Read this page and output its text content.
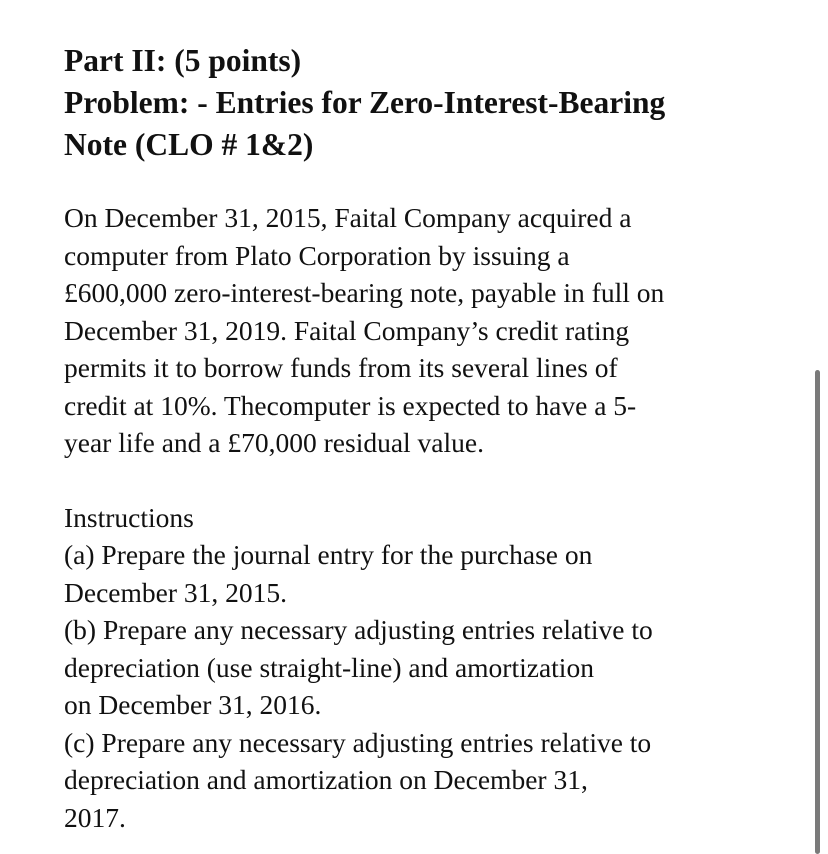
Part II: (5 points)
Problem: - Entries for Zero-Interest-Bearing
Note (CLO # 1&2)

On December 31, 2015, Faital Company acquired a
computer from Plato Corporation by issuing a
£600,000 zero-interest-bearing note, payable in full on
December 31, 2019. Faital Company’s credit rating
permits it to borrow funds from its several lines of
credit at 10%. Thecomputer is expected to have a 5-
year life and a £70,000 residual value.

Instructions
(a) Prepare the journal entry for the purchase on
December 31, 2015.
(b) Prepare any necessary adjusting entries relative to
depreciation (use straight-line) and amortization
on December 31, 2016.
(c) Prepare any necessary adjusting entries relative to
depreciation and amortization on December 31,
2017.
